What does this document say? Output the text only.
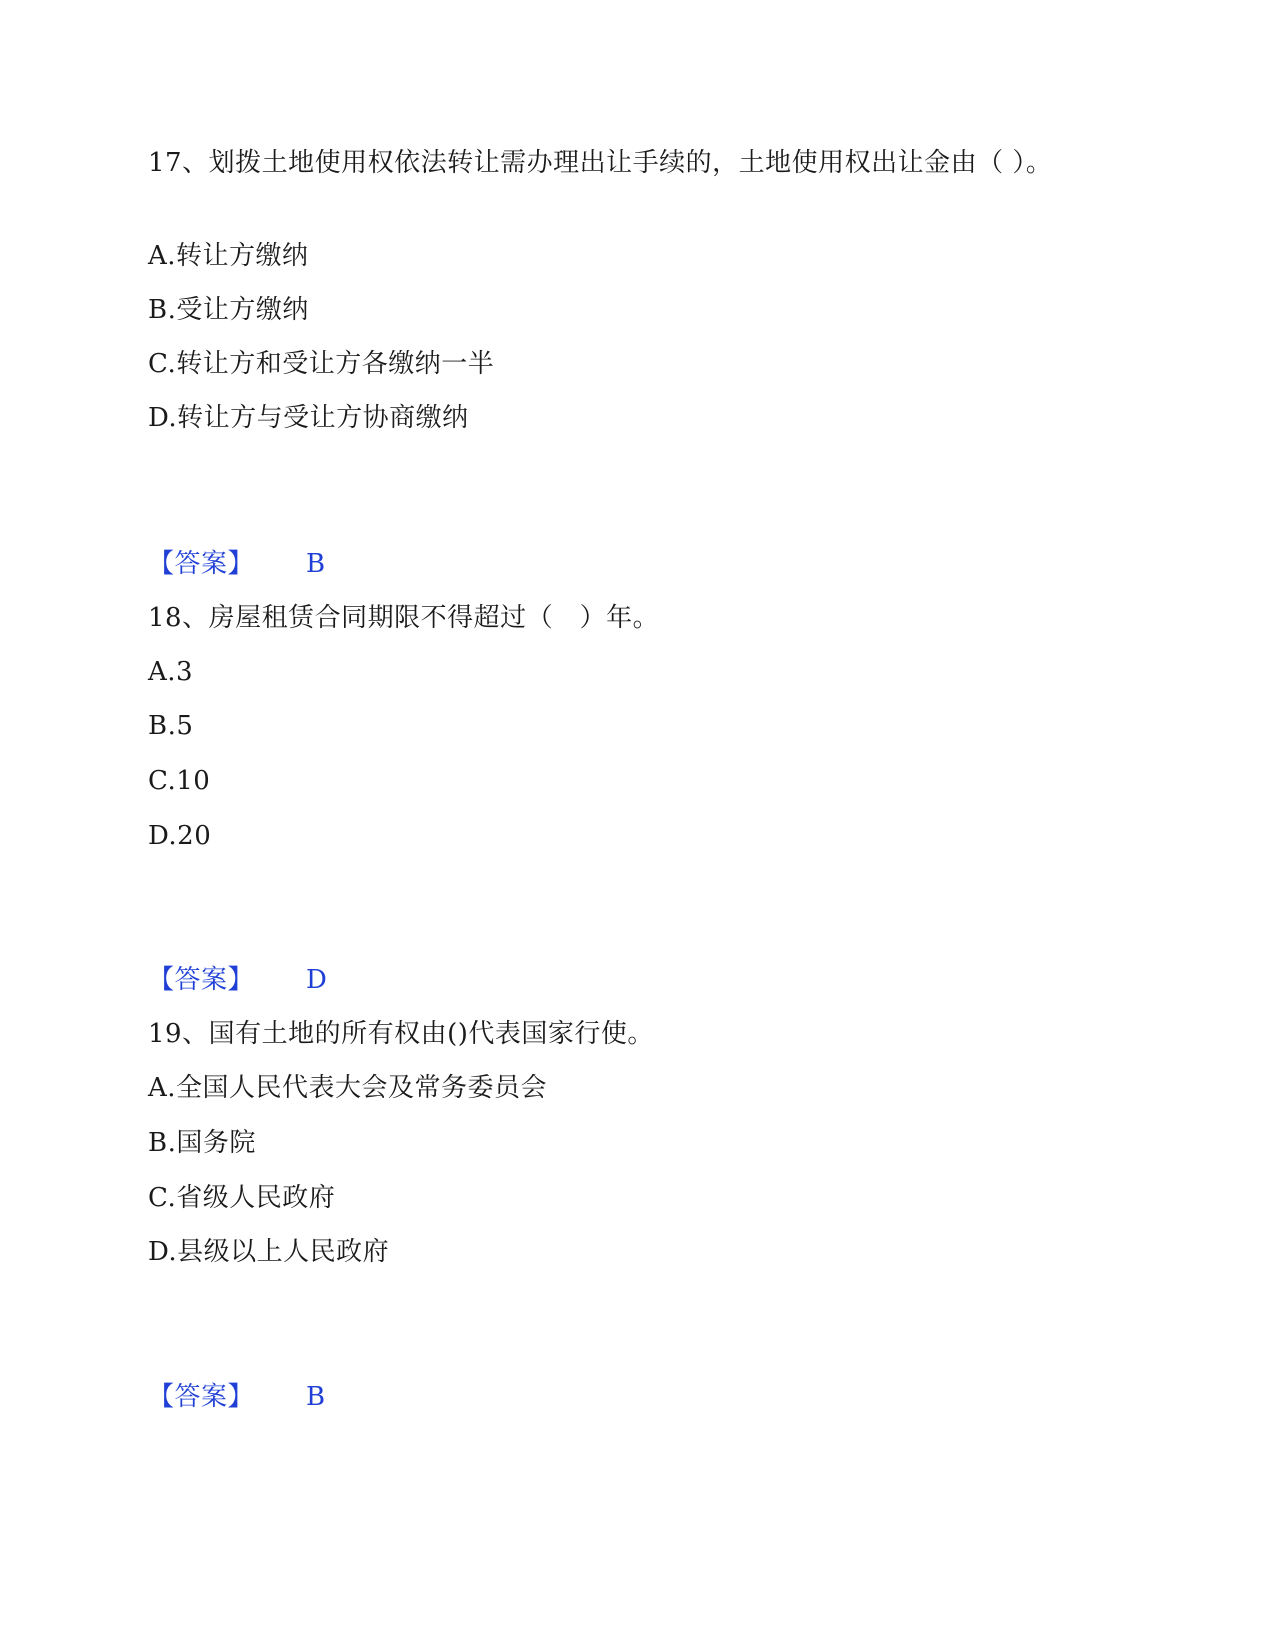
17、划拨土地使用权依法转让需办理出让手续的，土地使用权出让金由（ ）。
A.转让方缴纳
B.受让方缴纳
C.转让方和受让方各缴纳一半
D.转让方与受让方协商缴纳
【答案】 B
18、房屋租赁合同期限不得超过（　）年。
A.3
B.5
C.10
D.20
【答案】 D
19、国有土地的所有权由()代表国家行使。
A.全国人民代表大会及常务委员会
B.国务院
C.省级人民政府
D.县级以上人民政府
【答案】 B
